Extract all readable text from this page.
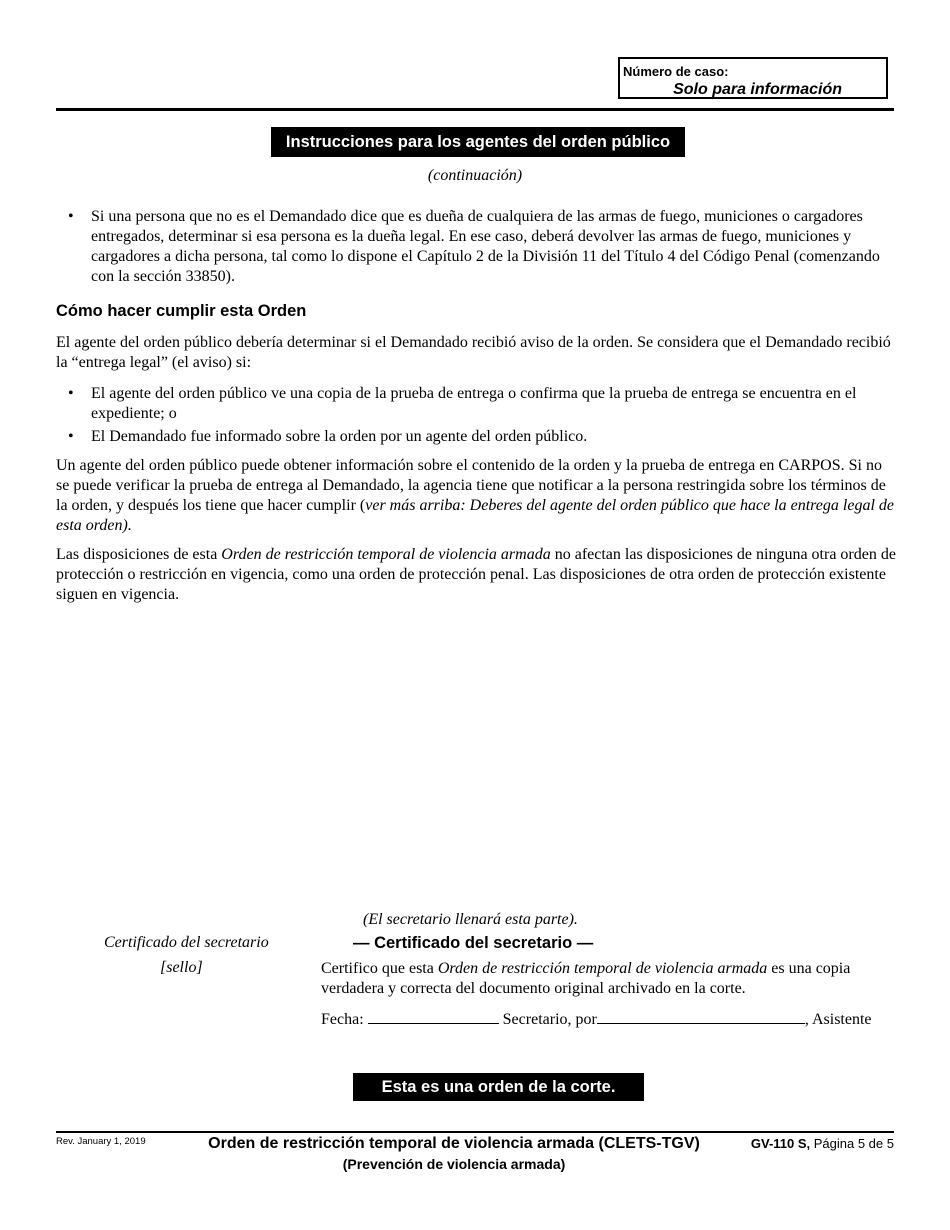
Número de caso:
Solo para información
Instrucciones para los agentes del orden público
(continuación)
• Si una persona que no es el Demandado dice que es dueña de cualquiera de las armas de fuego, municiones o cargadores entregados, determinar si esa persona es la dueña legal. En ese caso, deberá devolver las armas de fuego, municiones y cargadores a dicha persona, tal como lo dispone el Capítulo 2 de la División 11 del Título 4 del Código Penal (comenzando con la sección 33850).
Cómo hacer cumplir esta Orden
El agente del orden público debería determinar si el Demandado recibió aviso de la orden. Se considera que el Demandado recibió la “entrega legal” (el aviso) si:
• El agente del orden público ve una copia de la prueba de entrega o confirma que la prueba de entrega se encuentra en el expediente; o
• El Demandado fue informado sobre la orden por un agente del orden público.
Un agente del orden público puede obtener información sobre el contenido de la orden y la prueba de entrega en CARPOS. Si no se puede verificar la prueba de entrega al Demandado, la agencia tiene que notificar a la persona restringida sobre los términos de la orden, y después los tiene que hacer cumplir (ver más arriba: Deberes del agente del orden público que hace la entrega legal de esta orden).
Las disposiciones de esta Orden de restricción temporal de violencia armada no afectan las disposiciones de ninguna otra orden de protección o restricción en vigencia, como una orden de protección penal. Las disposiciones de otra orden de protección existente siguen en vigencia.
(El secretario llenará esta parte).
Certificado del secretario
[sello]
— Certificado del secretario —
Certifico que esta Orden de restricción temporal de violencia armada es una copia verdadera y correcta del documento original archivado en la corte.
Fecha:	Secretario, por	, Asistente
Esta es una orden de la corte.
Rev. January 1, 2019	Orden de restricción temporal de violencia armada (CLETS-TGV)
(Prevención de violencia armada)
GV-110 S, Página 5 de 5
